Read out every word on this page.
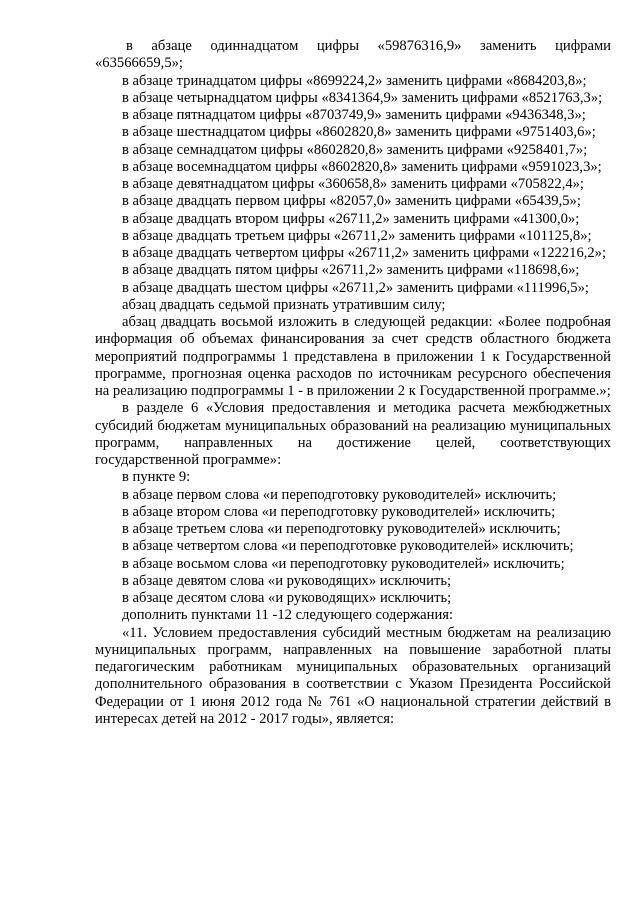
в абзаце одиннадцатом цифры «59876316,9» заменить цифрами «63566659,5»;

в абзаце тринадцатом цифры «8699224,2» заменить цифрами «8684203,8»;

в абзаце четырнадцатом цифры «8341364,9» заменить цифрами «8521763,3»;

в абзаце пятнадцатом цифры «8703749,9» заменить цифрами «9436348,3»;

в абзаце шестнадцатом цифры «8602820,8» заменить цифрами «9751403,6»;

в абзаце семнадцатом цифры «8602820,8» заменить цифрами «9258401,7»;

в абзаце восемнадцатом цифры «8602820,8» заменить цифрами «9591023,3»;

в абзаце девятнадцатом цифры «360658,8» заменить цифрами «705822,4»;

в абзаце двадцать первом цифры «82057,0» заменить цифрами «65439,5»;

в абзаце двадцать втором цифры «26711,2» заменить цифрами «41300,0»;

в абзаце двадцать третьем цифры «26711,2» заменить цифрами «101125,8»;

в абзаце двадцать четвертом цифры «26711,2» заменить цифрами «122216,2»;

в абзаце двадцать пятом цифры «26711,2» заменить цифрами «118698,6»;

в абзаце двадцать шестом цифры «26711,2» заменить цифрами «111996,5»;

абзац двадцать седьмой признать утратившим силу;

абзац двадцать восьмой изложить в следующей редакции: «Более подробная информация об объемах финансирования за счет средств областного бюджета мероприятий подпрограммы 1 представлена в приложении 1 к Государственной программе, прогнозная оценка расходов по источникам ресурсного обеспечения на реализацию подпрограммы 1 - в приложении 2 к Государственной программе.»;

в разделе 6 «Условия предоставления и методика расчета межбюджетных субсидий бюджетам муниципальных образований на реализацию муниципальных программ, направленных на достижение целей, соответствующих государственной программе»:

в пункте 9:

в абзаце первом слова «и переподготовку руководителей» исключить;

в абзаце втором слова «и переподготовку руководителей» исключить;

в абзаце третьем слова «и переподготовку руководителей» исключить;

в абзаце четвертом слова «и переподготовке руководителей» исключить;

в абзаце восьмом слова «и переподготовку руководителей» исключить;

в абзаце девятом слова «и руководящих» исключить;

в абзаце десятом слова «и руководящих» исключить;

дополнить пунктами 11 -12 следующего содержания:

«11. Условием предоставления субсидий местным бюджетам на реализацию муниципальных программ, направленных на повышение заработной платы педагогическим работникам муниципальных образовательных организаций дополнительного образования в соответствии с Указом Президента Российской Федерации от 1 июня 2012 года № 761 «О национальной стратегии действий в интересах детей на 2012 - 2017 годы», является:
